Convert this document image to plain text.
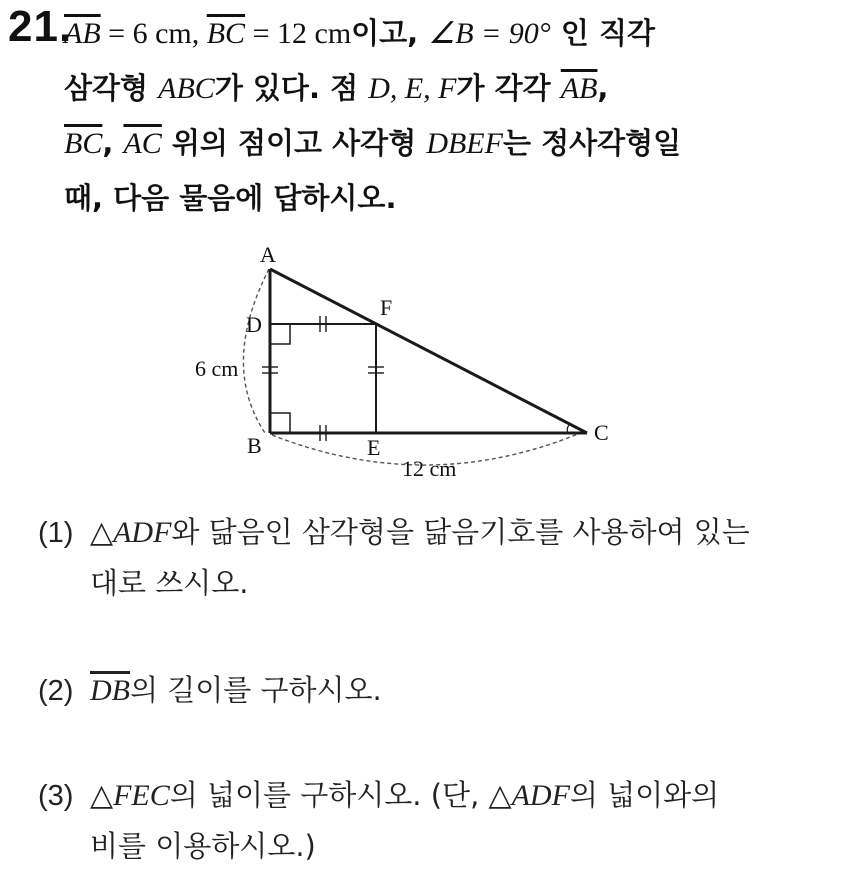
21.
$\overline{AB} = 6$ cm, $\overline{BC} = 12$ cm이고, ∠B = 90° 인 직각
삼각형 ABC가 있다. 점 D, E, F가 각각 $\overline{AB}$,
$\overline{BC}$, $\overline{AC}$ 위의 점이고 사각형 DBEF는 정사각형일
때, 다음 물음에 답하시오.
A
B
C
D
E
F
6 cm
12 cm
(1) △ADF와 닮음인 삼각형을 닮음기호를 사용하여 있는
대로 쓰시오.
(2) $\overline{DB}$의 길이를 구하시오.
(3) △FEC의 넓이를 구하시오. (단, △ADF의 넓이와의
비를 이용하시오.)
